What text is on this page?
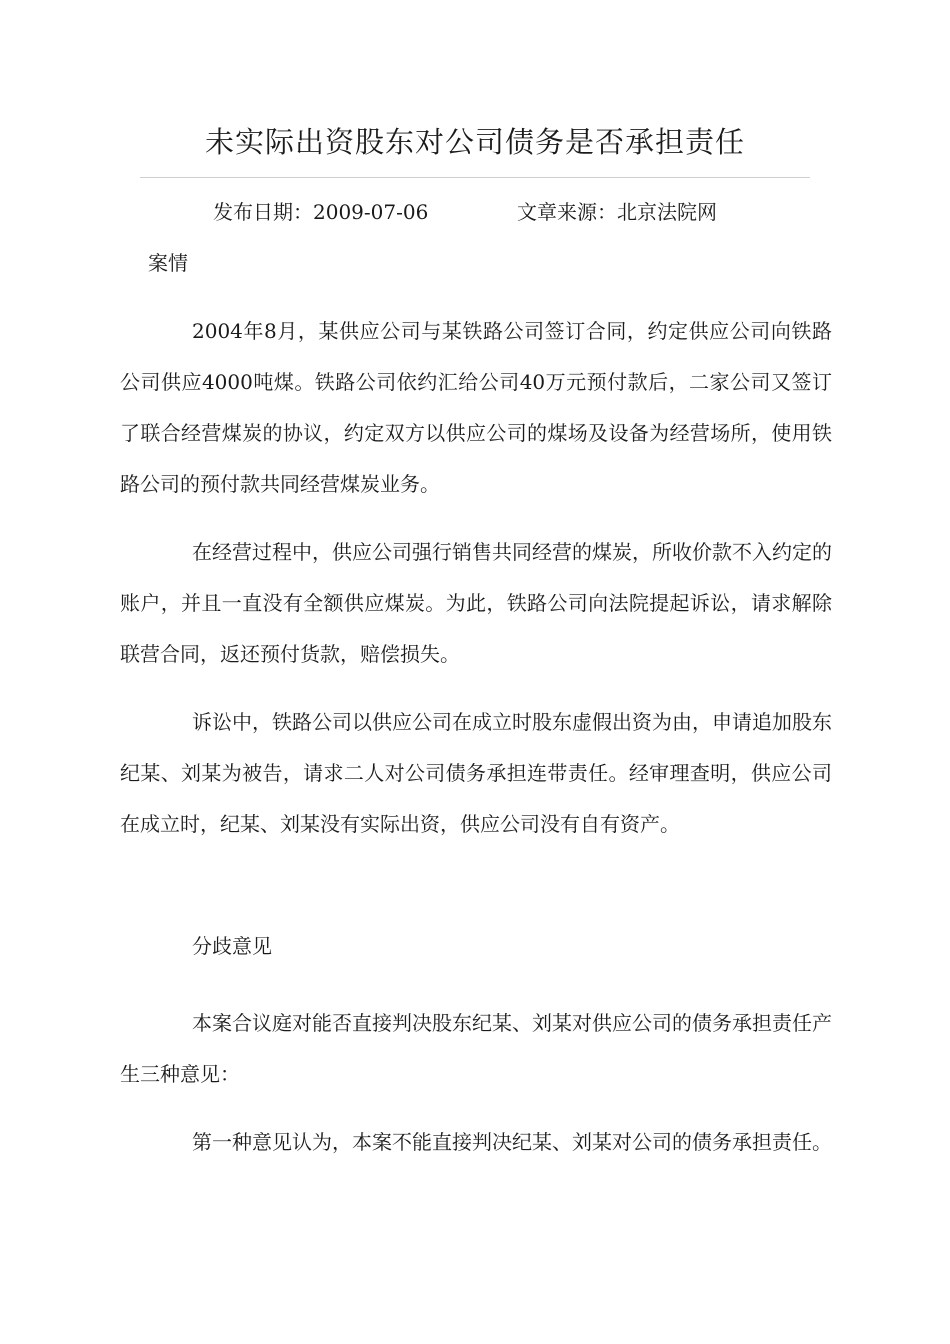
未实际出资股东对公司债务是否承担责任
发布日期：2009-07-06	文章来源：北京法院网
案情

2004年8月，某供应公司与某铁路公司签订合同，约定供应公司向铁路公司供应4000吨煤。铁路公司依约汇给公司40万元预付款后，二家公司又签订了联合经营煤炭的协议，约定双方以供应公司的煤场及设备为经营场所，使用铁路公司的预付款共同经营煤炭业务。

在经营过程中，供应公司强行销售共同经营的煤炭，所收价款不入约定的账户，并且一直没有全额供应煤炭。为此，铁路公司向法院提起诉讼，请求解除联营合同，返还预付货款，赔偿损失。

诉讼中，铁路公司以供应公司在成立时股东虚假出资为由，申请追加股东纪某、刘某为被告，请求二人对公司债务承担连带责任。经审理查明，供应公司在成立时，纪某、刘某没有实际出资，供应公司没有自有资产。

分歧意见

本案合议庭对能否直接判决股东纪某、刘某对供应公司的债务承担责任产生三种意见：

第一种意见认为，本案不能直接判决纪某、刘某对公司的债务承担责任。
